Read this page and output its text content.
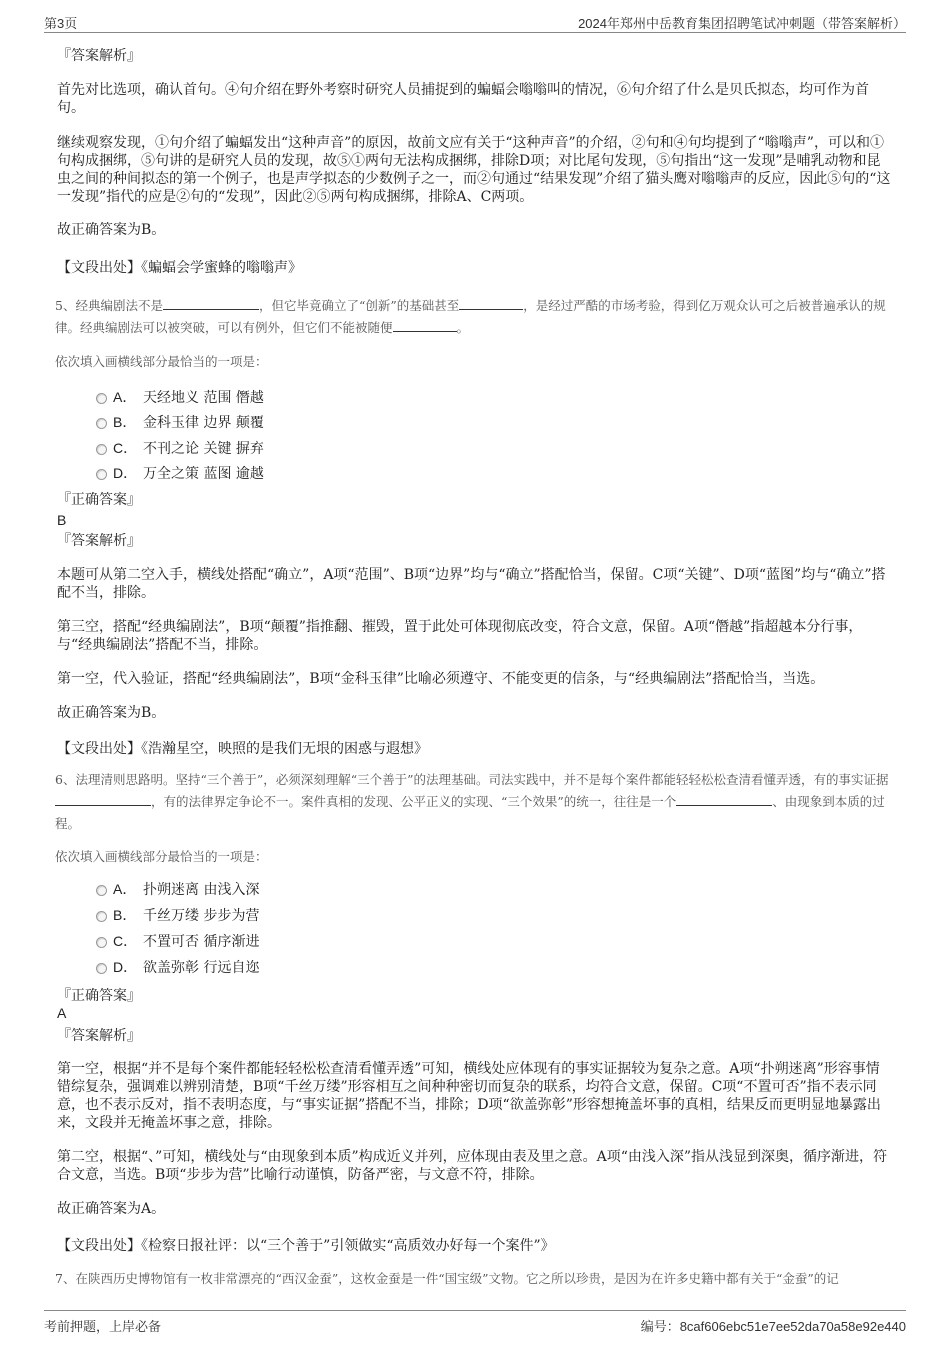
第3页	2024年郑州中岳教育集团招聘笔试冲刺题（带答案解析）
『答案解析』
首先对比选项，确认首句。④句介绍在野外考察时研究人员捕捉到的蝙蝠会嗡嗡叫的情况，⑥句介绍了什么是贝氏拟态，均可作为首句。
继续观察发现，①句介绍了蝙蝠发出“这种声音”的原因，故前文应有关于“这种声音”的介绍，②句和④句均提到了“嗡嗡声”，可以和①句构成捆绑，⑤句讲的是研究人员的发现，故⑤①两句无法构成捆绑，排除D项；对比尾句发现，⑤句指出“这一发现”是哺乳动物和昆虫之间的种间拟态的第一个例子，也是声学拟态的少数例子之一，而②句通过“结果发现”介绍了猫头鹰对嗡嗡声的反应，因此⑤句的“这一发现”指代的应是②句的“发现”，因此②⑤两句构成捆绑，排除A、C两项。
故正确答案为B。
【文段出处】《蝙蝠会学蜜蜂的嗡嗡声》
5、经典编剧法不是	，但它毕竟确立了“创新”的基础甚至	，是经过严酷的市场考验，得到亿万观众认可之后被普遍承认的规律。经典编剧法可以被突破，可以有例外，但它们不能被随便	。
依次填入画横线部分最恰当的一项是：
A． 天经地义 范围 僭越
B． 金科玉律 边界 颠覆
C． 不刊之论 关键 摒弃
D． 万全之策 蓝图 逾越
『正确答案』
B
『答案解析』
本题可从第二空入手，横线处搭配“确立”，A项“范围”、B项“边界”均与“确立”搭配恰当，保留。C项“关键”、D项“蓝图”均与“确立”搭配不当，排除。
第三空，搭配“经典编剧法”，B项“颠覆”指推翻、摧毁，置于此处可体现彻底改变，符合文意，保留。A项“僭越”指超越本分行事，与“经典编剧法”搭配不当，排除。
第一空，代入验证，搭配“经典编剧法”，B项“金科玉律”比喻必须遵守、不能变更的信条，与“经典编剧法”搭配恰当，当选。
故正确答案为B。
【文段出处】《浩瀚星空，映照的是我们无垠的困惑与遐想》
6、法理清则思路明。坚持“三个善于”，必须深刻理解“三个善于”的法理基础。司法实践中，并不是每个案件都能轻轻松松查清看懂弄透，有的事实证据，有的法律界定争论不一。案件真相的发现、公平正义的实现、“三个效果”的统一，往往是一个	、由现象到本质的过程。
依次填入画横线部分最恰当的一项是：
A． 扑朔迷离 由浅入深
B． 千丝万缕 步步为营
C． 不置可否 循序渐进
D． 欲盖弥彰 行远自迩
『正确答案』
A
『答案解析』
第一空，根据“并不是每个案件都能轻轻松松查清看懂弄透”可知，横线处应体现有的事实证据较为复杂之意。A项“扑朔迷离”形容事情错综复杂，强调难以辨别清楚，B项“千丝万缕”形容相互之间种种密切而复杂的联系，均符合文意，保留。C项“不置可否”指不表示同意，也不表示反对，指不表明态度，与“事实证据”搭配不当，排除；D项“欲盖弥彰”形容想掩盖坏事的真相，结果反而更明显地暴露出来，文段并无掩盖坏事之意，排除。
第二空，根据“、”可知，横线处与“由现象到本质”构成近义并列，应体现由表及里之意。A项“由浅入深”指从浅显到深奥，循序渐进，符合文意，当选。B项“步步为营”比喻行动谨慎，防备严密，与文意不符，排除。
故正确答案为A。
【文段出处】《检察日报社评：以“三个善于”引领做实“高质效办好每一个案件”》
7、在陕西历史博物馆有一枚非常漂亮的“西汉金蚕”，这枚金蚕是一件“国宝级”文物。它之所以珍贵，是因为在许多史籍中都有关于“金蚕”的记
考前押题，上岸必备	编号：8caf606ebc51e7ee52da70a58e92e440
